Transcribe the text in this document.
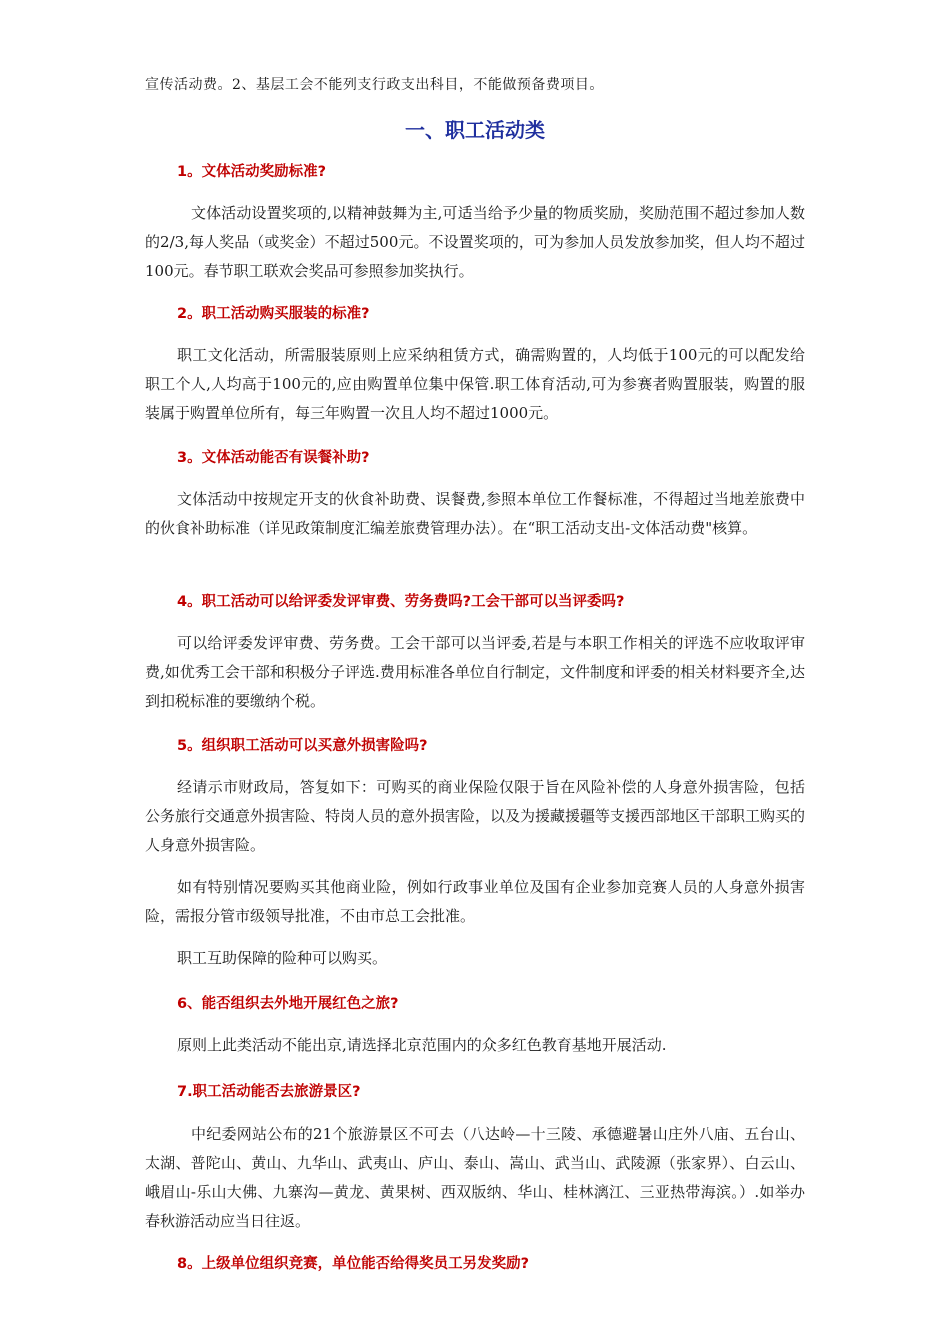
宣传活动费。2、基层工会不能列支行政支出科目，不能做预备费项目。
一、职工活动类
1。文体活动奖励标准?
文体活动设置奖项的,以精神鼓舞为主,可适当给予少量的物质奖励，奖励范围不超过参加人数的2/3,每人奖品（或奖金）不超过500元。不设置奖项的，可为参加人员发放参加奖，但人均不超过100元。春节职工联欢会奖品可参照参加奖执行。
2。职工活动购买服装的标准?
职工文化活动，所需服装原则上应采纳租赁方式，确需购置的，人均低于100元的可以配发给职工个人,人均高于100元的,应由购置单位集中保管.职工体育活动,可为参赛者购置服装，购置的服装属于购置单位所有，每三年购置一次且人均不超过1000元。
3。文体活动能否有误餐补助?
文体活动中按规定开支的伙食补助费、误餐费,参照本单位工作餐标准，不得超过当地差旅费中的伙食补助标准（详见政策制度汇编差旅费管理办法）。在“职工活动支出-文体活动费"核算。
4。职工活动可以给评委发评审费、劳务费吗?工会干部可以当评委吗?
可以给评委发评审费、劳务费。工会干部可以当评委,若是与本职工作相关的评选不应收取评审费,如优秀工会干部和积极分子评选.费用标准各单位自行制定，文件制度和评委的相关材料要齐全,达到扣税标准的要缴纳个税。
5。组织职工活动可以买意外损害险吗?
经请示市财政局，答复如下：可购买的商业保险仅限于旨在风险补偿的人身意外损害险，包括公务旅行交通意外损害险、特岗人员的意外损害险，以及为援藏援疆等支援西部地区干部职工购买的人身意外损害险。
如有特别情况要购买其他商业险，例如行政事业单位及国有企业参加竞赛人员的人身意外损害险，需报分管市级领导批准，不由市总工会批准。
职工互助保障的险种可以购买。
6、能否组织去外地开展红色之旅?
原则上此类活动不能出京,请选择北京范围内的众多红色教育基地开展活动.
7.职工活动能否去旅游景区?
中纪委网站公布的21个旅游景区不可去（八达岭—十三陵、承德避暑山庄外八庙、五台山、太湖、普陀山、黄山、九华山、武夷山、庐山、泰山、嵩山、武当山、武陵源（张家界）、白云山、峨眉山-乐山大佛、九寨沟—黄龙、黄果树、西双版纳、华山、桂林漓江、三亚热带海滨。）.如举办春秋游活动应当日往返。
8。上级单位组织竞赛，单位能否给得奖员工另发奖励?
